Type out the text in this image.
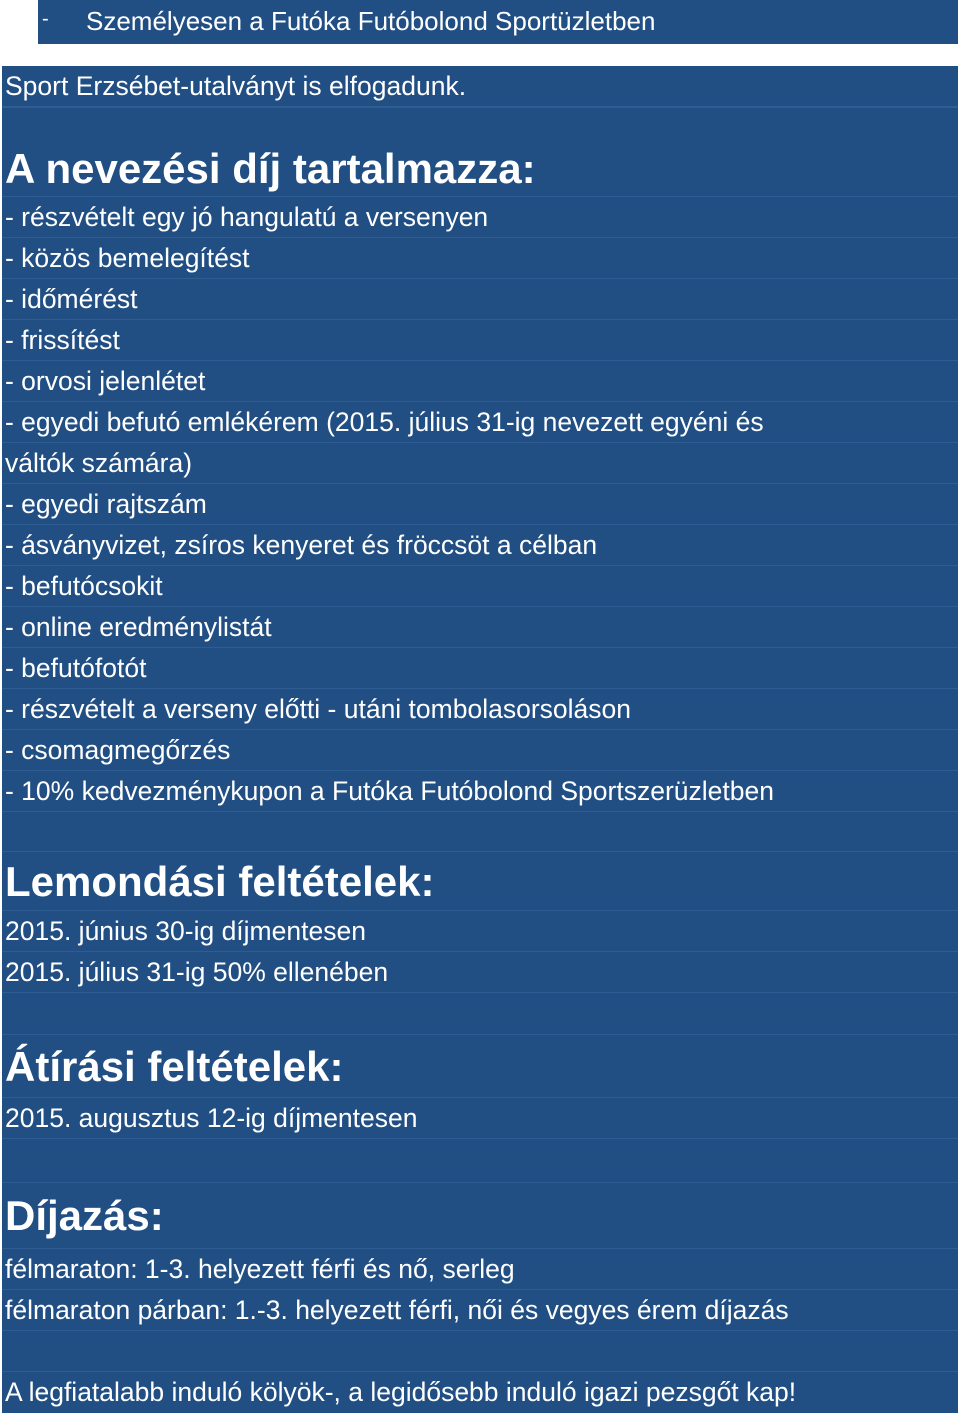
- Személyesen a Futóka Futóbolond Sportüzletben
Sport Erzsébet-utalványt is elfogadunk.
A nevezési díj tartalmazza:
- részvételt egy jó hangulatú a versenyen
- közös bemelegítést
- időmérést
- frissítést
- orvosi jelenlétet
- egyedi befutó emlékérem (2015. július 31-ig nevezett egyéni és
váltók számára)
- egyedi rajtszám
- ásványvizet, zsíros kenyeret és fröccsöt a célban
- befutócsokit
- online eredménylistát
- befutófotót
- részvételt a verseny előtti - utáni tombolasorsoláson
- csomagmegőrzés
- 10% kedvezménykupon a Futóka Futóbolond Sportszerüzletben
Lemondási feltételek:
2015. június 30-ig díjmentesen
2015. július 31-ig 50% ellenében
Átírási feltételek:
2015. augusztus 12-ig díjmentesen
Díjazás:
félmaraton: 1-3. helyezett férfi és nő, serleg
félmaraton párban: 1.-3. helyezett férfi, női és vegyes érem díjazás
A legfiatalabb induló kölyök-, a legidősebb induló igazi pezsgőt kap!
